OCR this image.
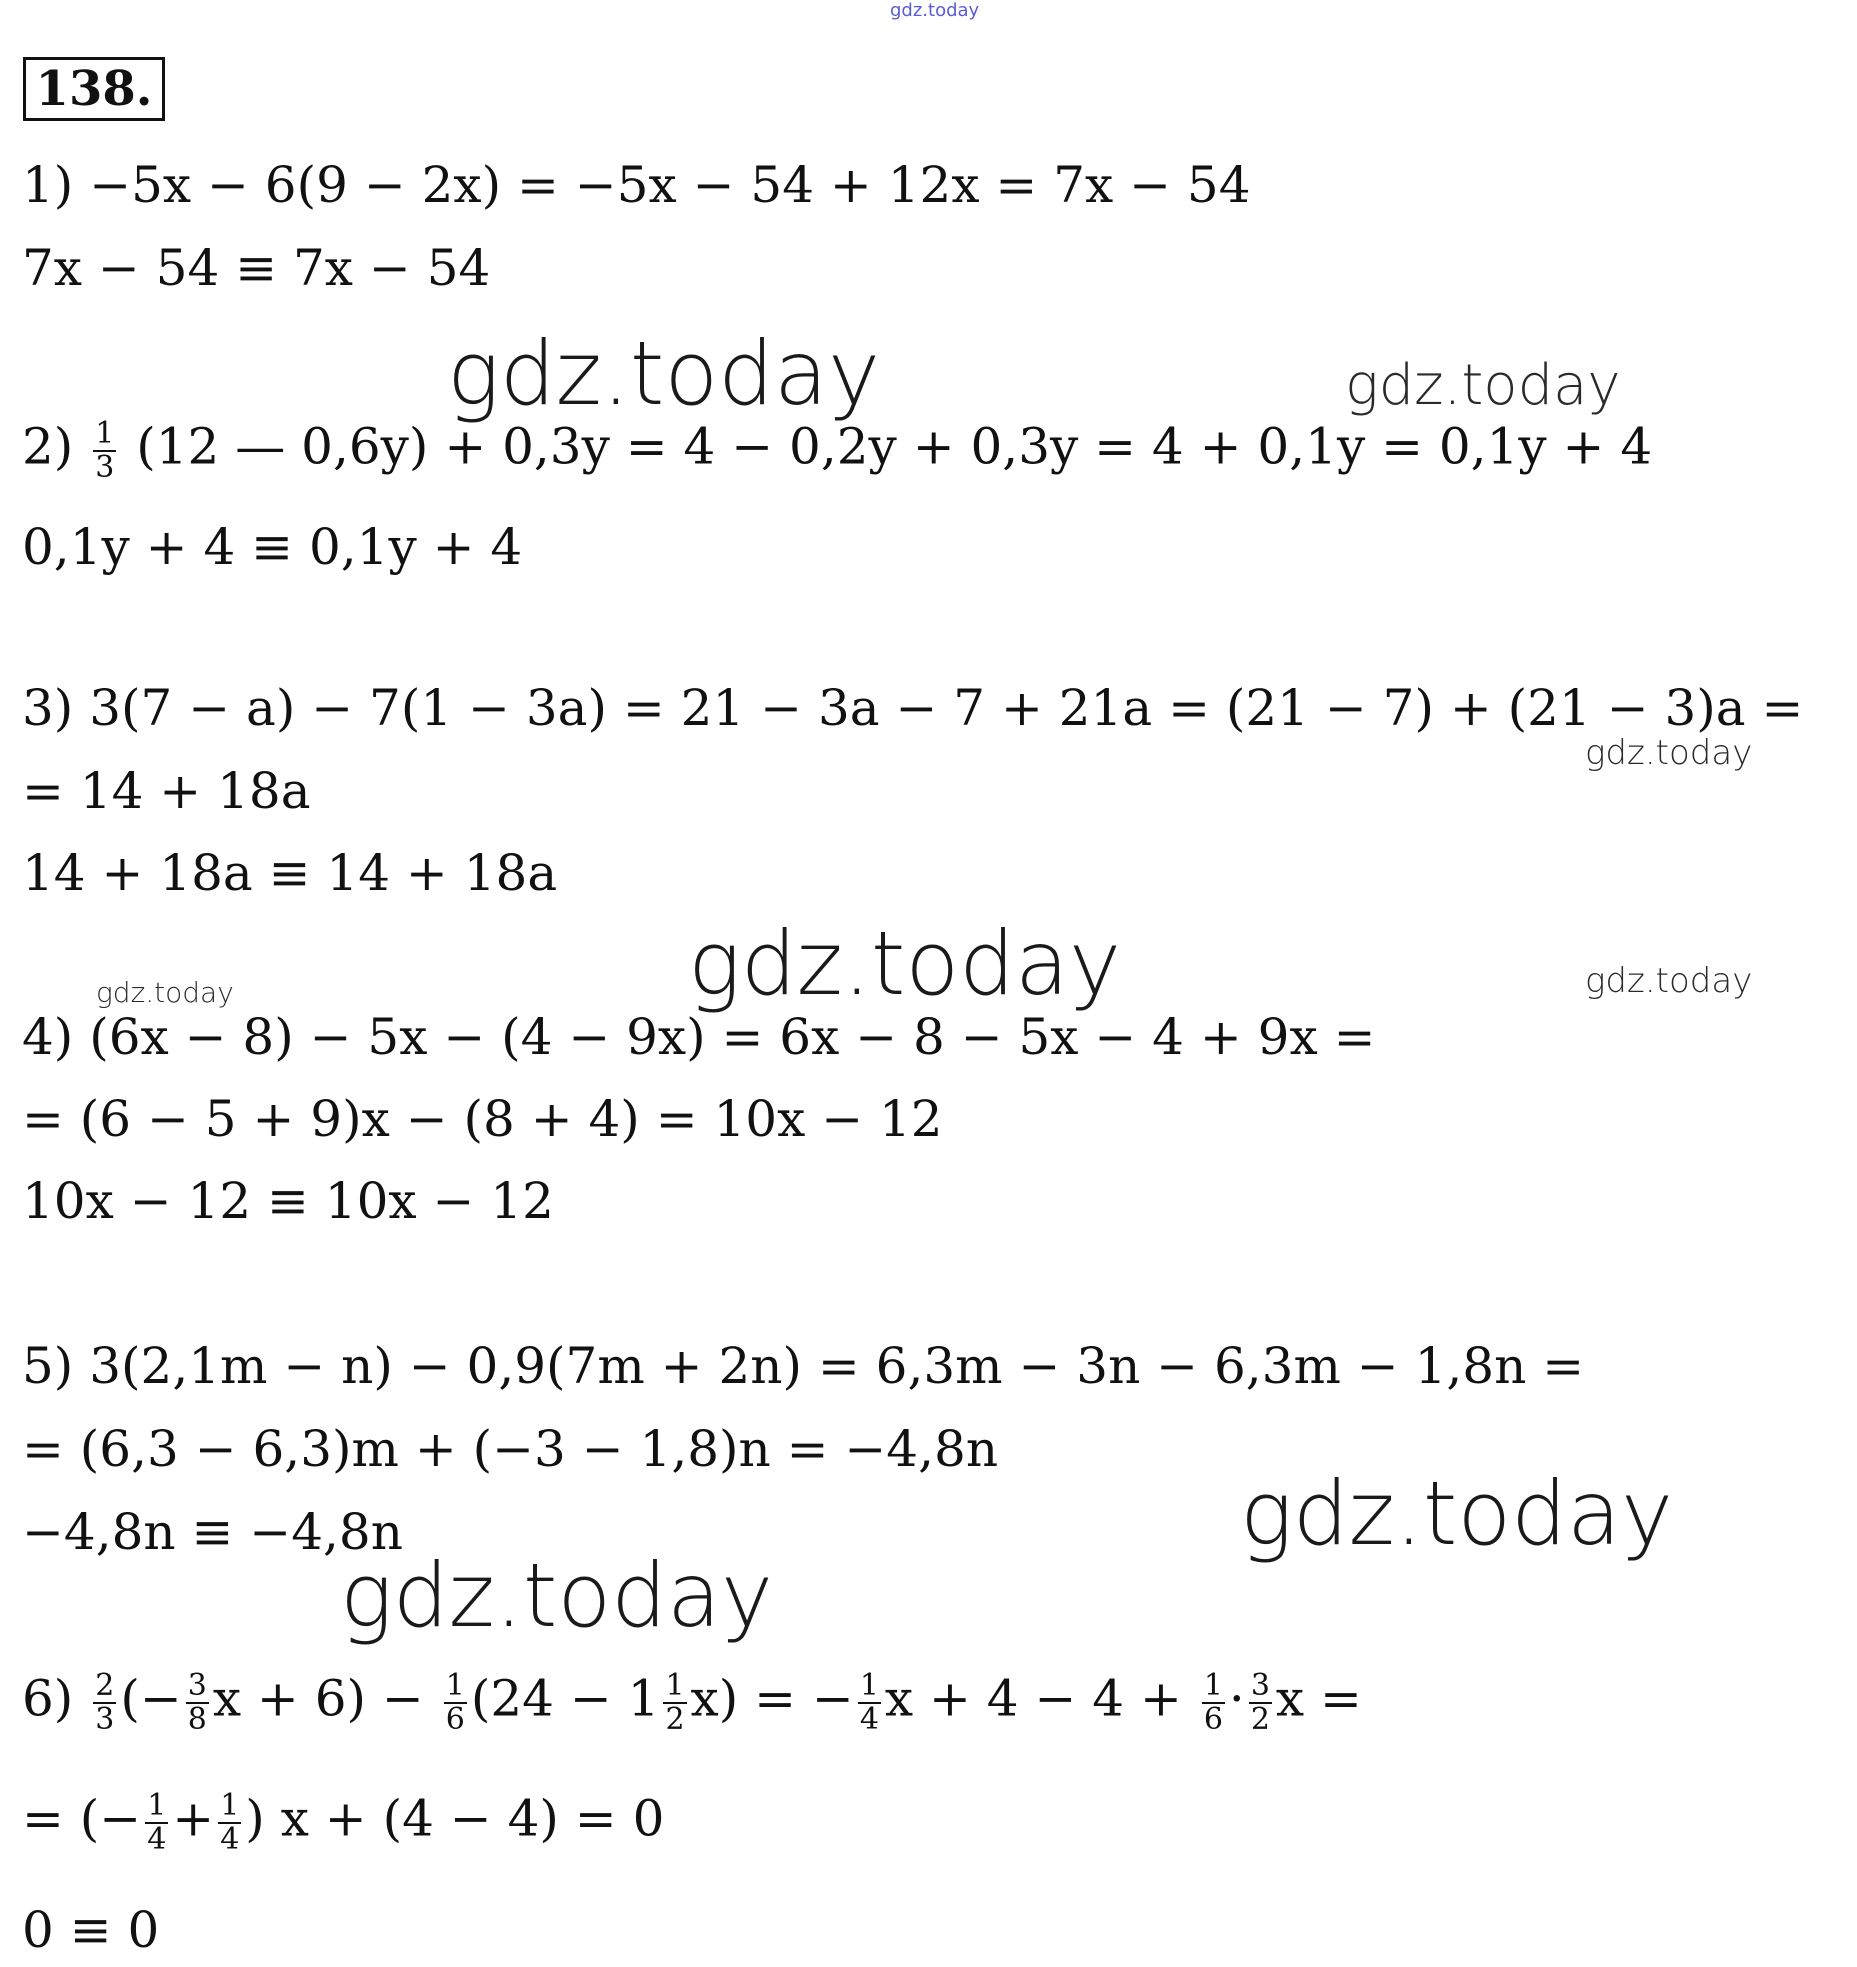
gdz.today
138.
1) −5x − 6(9 − 2x) = −5x − 54 + 12x = 7x − 54
7x − 54 ≡ 7x − 54
$2) \frac{1}{3} (12$ — 0,6y) + 0,3y = 4 − 0,2y + 0,3y = 4 + 0,1y = 0,1y + 4
0,1y + 4 ≡ 0,1y + 4
3) 3(7 − a) − 7(1 − 3a) = 21 − 3a − 7 + 21a = (21 − 7) + (21 − 3)a =
= 14 + 18a
14 + 18a ≡ 14 + 18a
4) (6x − 8) − 5x − (4 − 9x) = 6x − 8 − 5x − 4 + 9x =
= (6 − 5 + 9)x − (8 + 4) = 10x − 12
10x − 12 ≡ 10x − 12
5) 3(2,1m − n) − 0,9(7m + 2n) = 6,3m − 3n − 6,3m − 1,8n =
= (6,3 − 6,3)m + (−3 − 1,8)n = −4,8n
−4,8n ≡ −4,8n
$6) \frac{2}{3}$ (− $\frac{3}{8}$ $x + 6) - \frac{1}{6} (24 - 1 \frac{1}{2} x)$ = − $\frac{1}{4}$ $x + 4 - 4 + \frac{1}{6} \cdot \frac{3}{2}$ x =
= (− $\frac{1}{4} + \frac{1}{4}$ ) x + (4 − 4) = 0
0 ≡ 0
gdz.today	gdz.today
gdz.today
gdz.today
gdz.today	gdz.today
gdz.today
gdz.today
